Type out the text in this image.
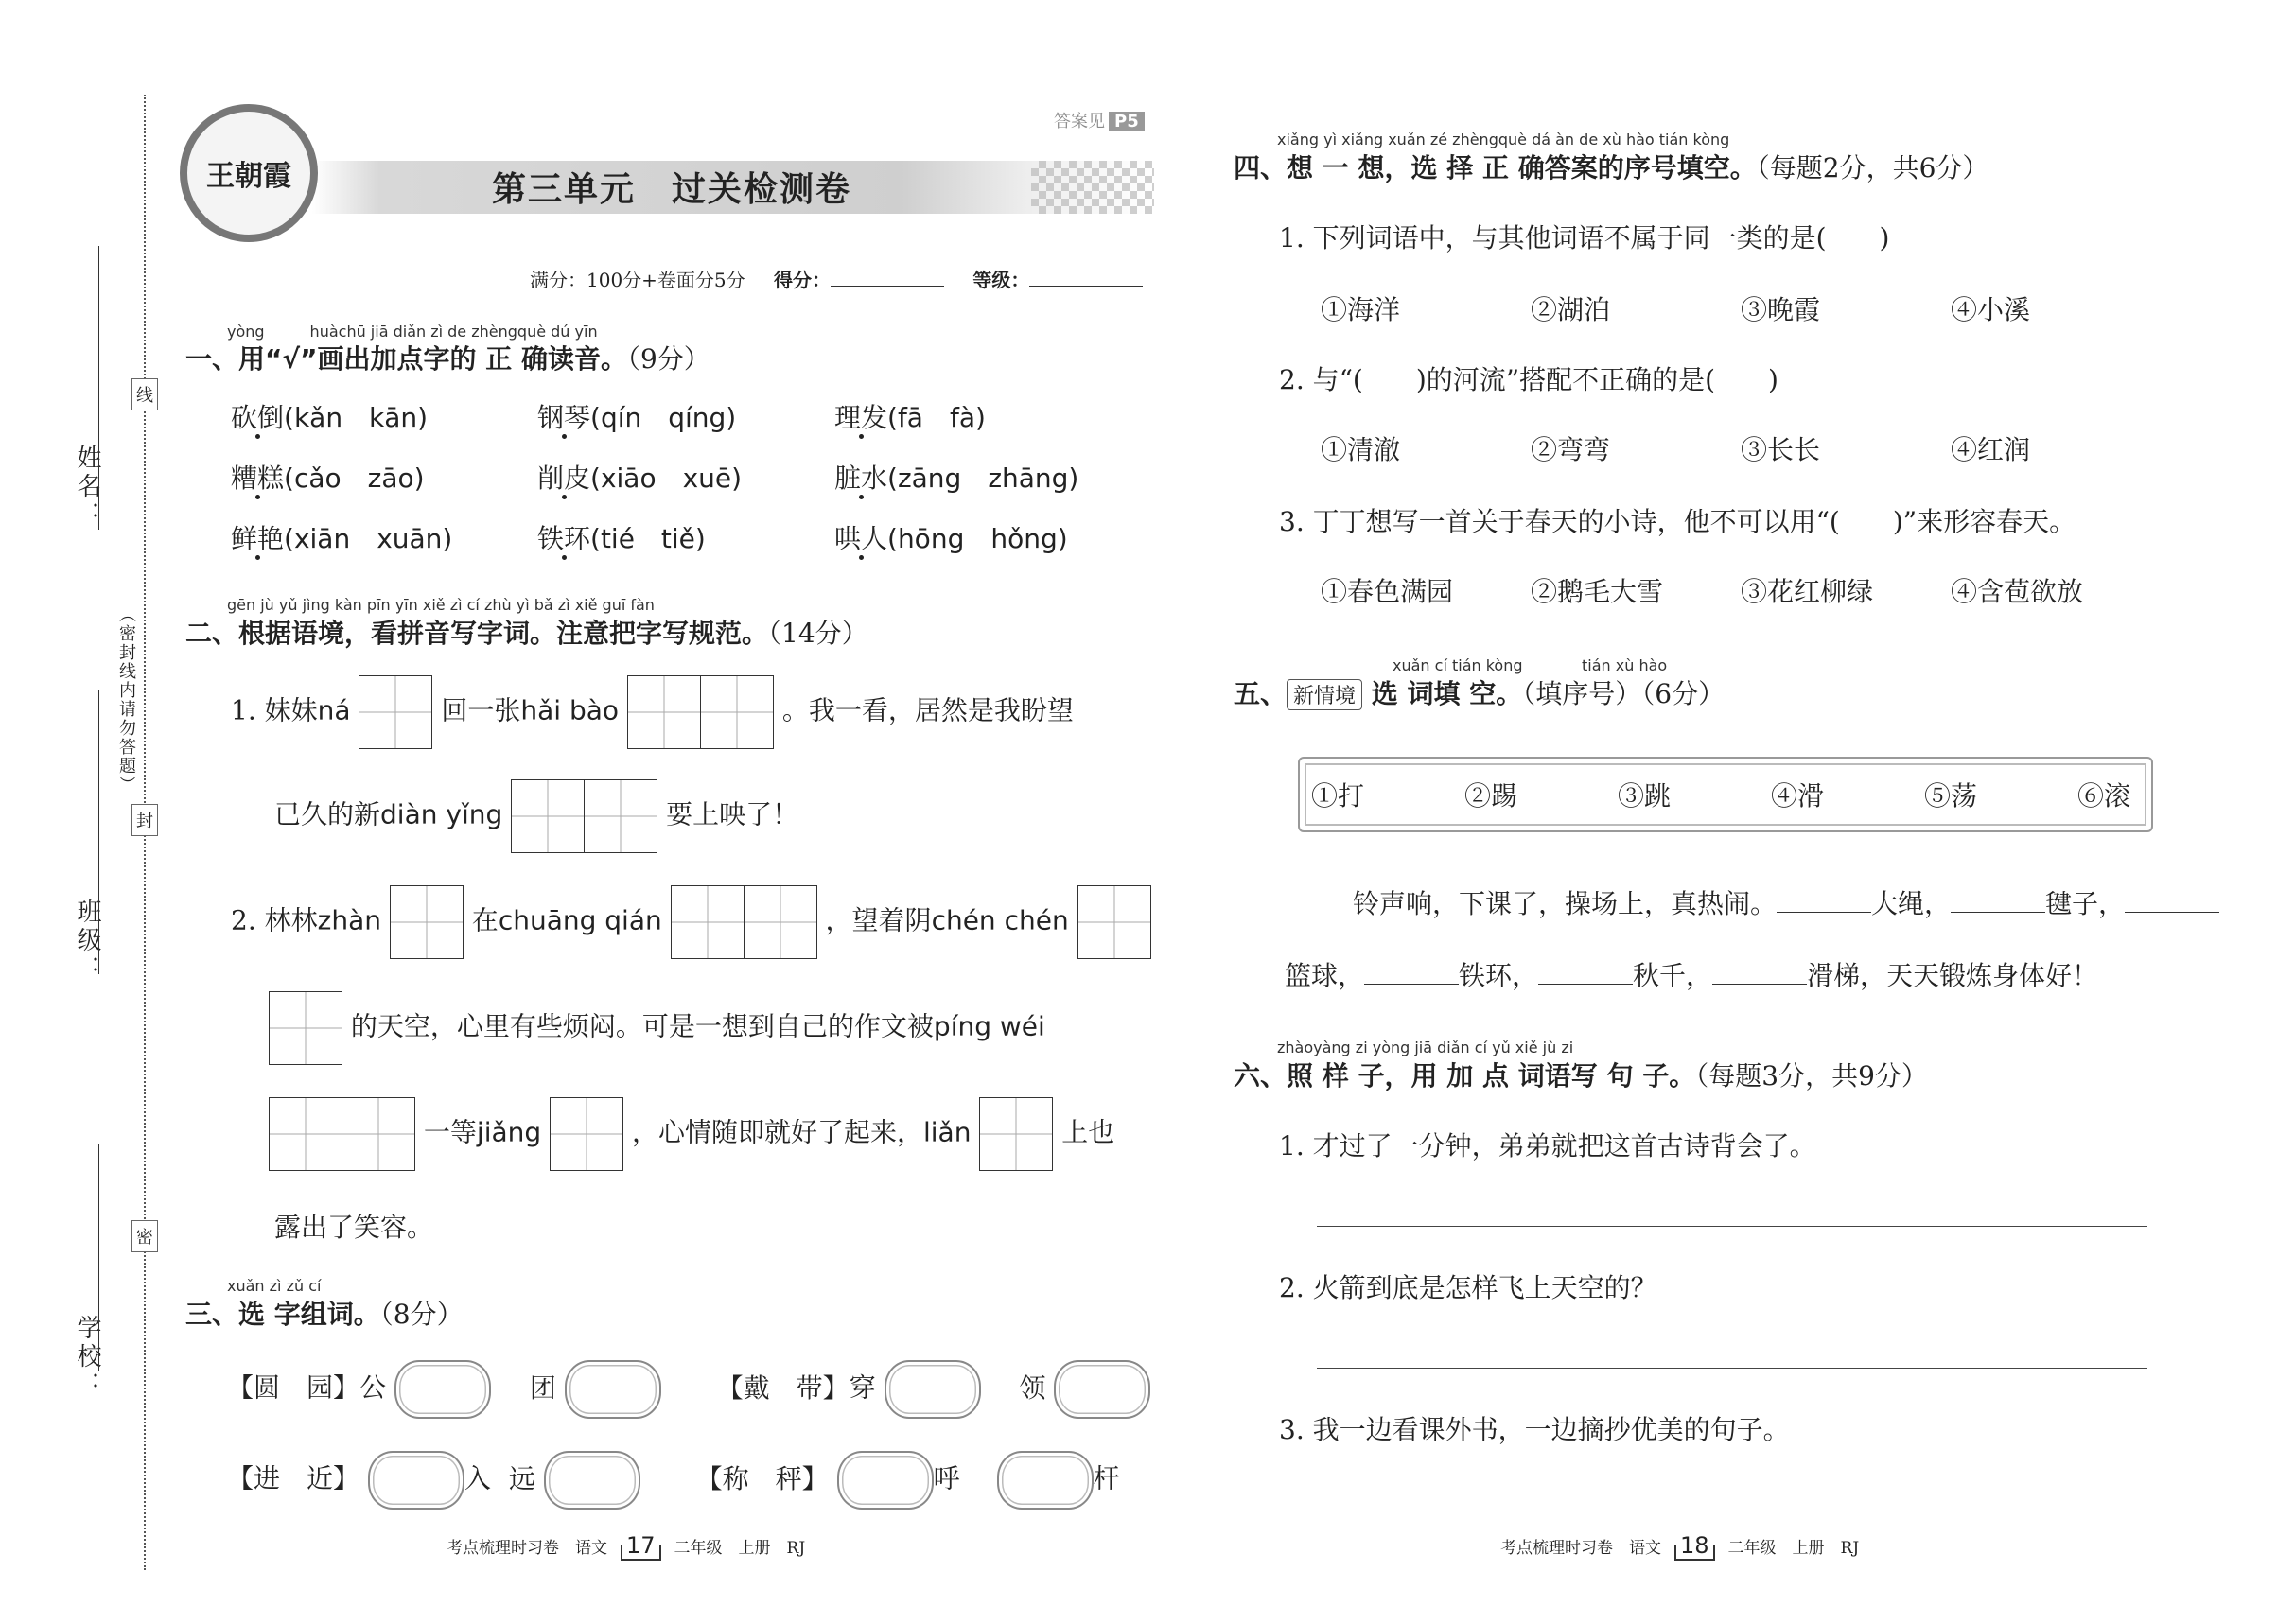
姓名：
班级：
学校：
（密封线内请勿答题）
线
封
密
王朝霞
答案见 P5
第三单元　过关检测卷
满分：100分+卷面分5分 得分：	等级：
yòng　　　huàchū jiā diǎn zì de zhèngquè dú yīn
一、用“√”画出加点字的 正 确读音。（9分）
砍倒(kǎn　kān)	钢琴(qín　qíng)	理发(fā　fà)
糟糕(cǎo　zāo)	削皮(xiāo　xuē)	脏水(zāng　zhāng)
鲜艳(xiān　xuān)	铁环(tié　tiě)	哄人(hōng　hǒng)
gēn jù yǔ jìng kàn pīn yīn xiě zì cí zhù yì bǎ zì xiě guī fàn
二、根据语境，看拼音写字词。注意把字写规范。（14分）
1. 妹妹ná	回一张hǎi bào	。我一看，居然是我盼望
已久的新diàn yǐng	要上映了！
2. 林林zhàn	在chuāng qián	，望着阴chén chén
的天空，心里有些烦闷。可是一想到自己的作文被píng wéi
一等jiǎng	，心情随即就好了起来，liǎn	上也
露出了笑容。
xuǎn zì zǔ cí
三、选 字组词。（8分）
【圆　园】公	团	【戴　带】穿	领
【进　近】	入 远	【称　秤】	呼	杆
考点梳理时习卷　语文 17 二年级　上册　RJ
xiǎng yì xiǎng xuǎn zé zhèngquè dá àn de xù hào tián kòng
四、想 一 想，选 择 正 确答案的序号填空。（每题2分，共6分）
1. 下列词语中，与其他词语不属于同一类的是(　　)
①海洋	②湖泊	③晚霞	④小溪
2. 与“(　　)的河流”搭配不正确的是(　　)
①清澈	②弯弯	③长长	④红润
3. 丁丁想写一首关于春天的小诗，他不可以用“(　　)”来形容春天。
①春色满园	②鹅毛大雪	③花红柳绿	④含苞欲放
xuǎn cí tián kòng	tián xù hào
五、 新情境 选 词填 空。（填序号）（6分）
①打	②踢	③跳	④滑	⑤荡	⑥滚
铃声响，下课了，操场上，真热闹。	大绳，	毽子，
篮球，	铁环，	秋千，	滑梯，天天锻炼身体好！
zhàoyàng zi yòng jiā diǎn cí yǔ xiě jù zi
六、照 样 子，用 加 点 词语写 句 子。（每题3分，共9分）
1. 才过了一分钟，弟弟就把这首古诗背会了。
2. 火箭到底是怎样飞上天空的？
3. 我一边看课外书，一边摘抄优美的句子。
考点梳理时习卷　语文 18 二年级　上册　RJ
